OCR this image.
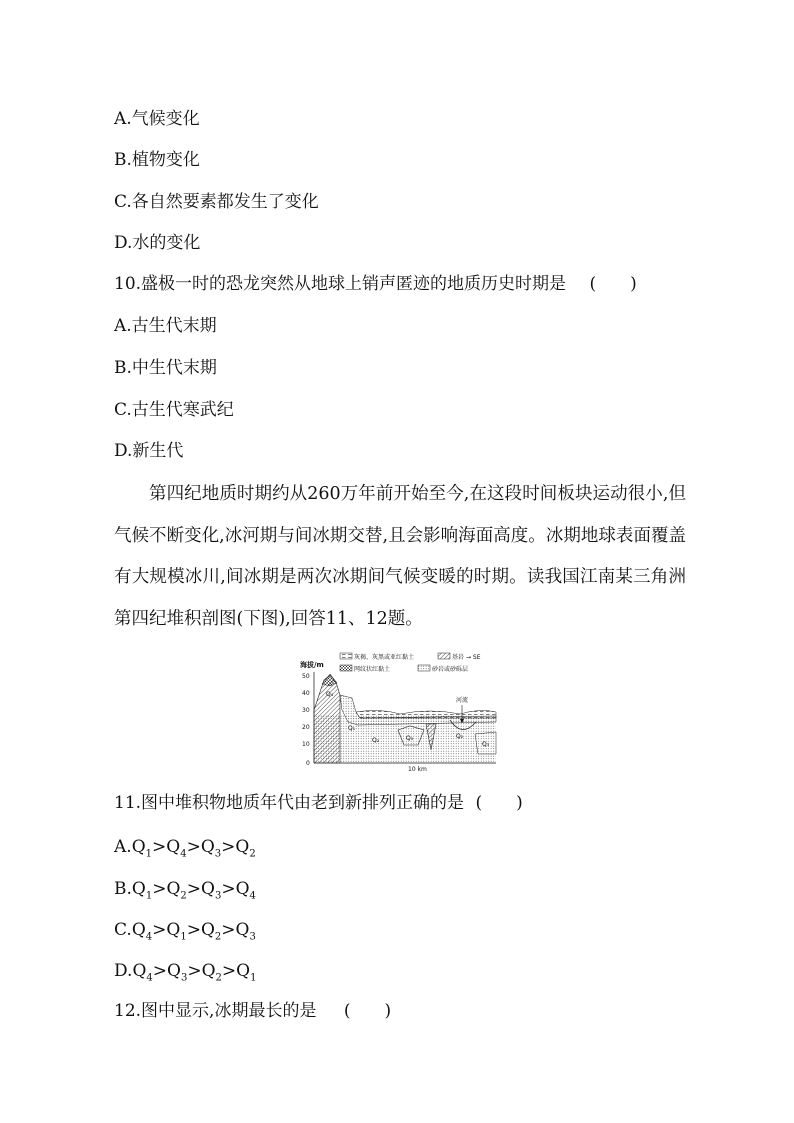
A.气候变化
B.植物变化
C.各自然要素都发生了变化
D.水的变化
10.盛极一时的恐龙突然从地球上销声匿迹的地质历史时期是 (　　)
A.古生代末期
B.中生代末期
C.古生代寒武纪
D.新生代
第四纪地质时期约从260万年前开始至今,在这段时间板块运动很小,但气候不断变化,冰河期与间冰期交替,且会影响海面高度。冰期地球表面覆盖有大规模冰川,间冰期是两次冰期间气候变暖的时期。读我国江南某三角洲第四纪堆积剖图(下图),回答11、12题。
海拔/m
50
40
30
20
10
0
灰褐、灰黑或亚红黏土	基岩 → SE
网纹状红黏土	砂岩或砂砾层
Q₄
Q₁
Q₂	Q₃	Q₂
Q₃
河流
10 km
11.图中堆积物地质年代由老到新排列正确的是 (　　)
$A.Q_1>Q_4>Q_3>Q_2$
$B.Q_1>Q_2>Q_3>Q_4$
$C.Q_4>Q_1>Q_2>Q_3$
$D.Q_4>Q_3>Q_2>Q_1$
12.图中显示,冰期最长的是 (　　)
